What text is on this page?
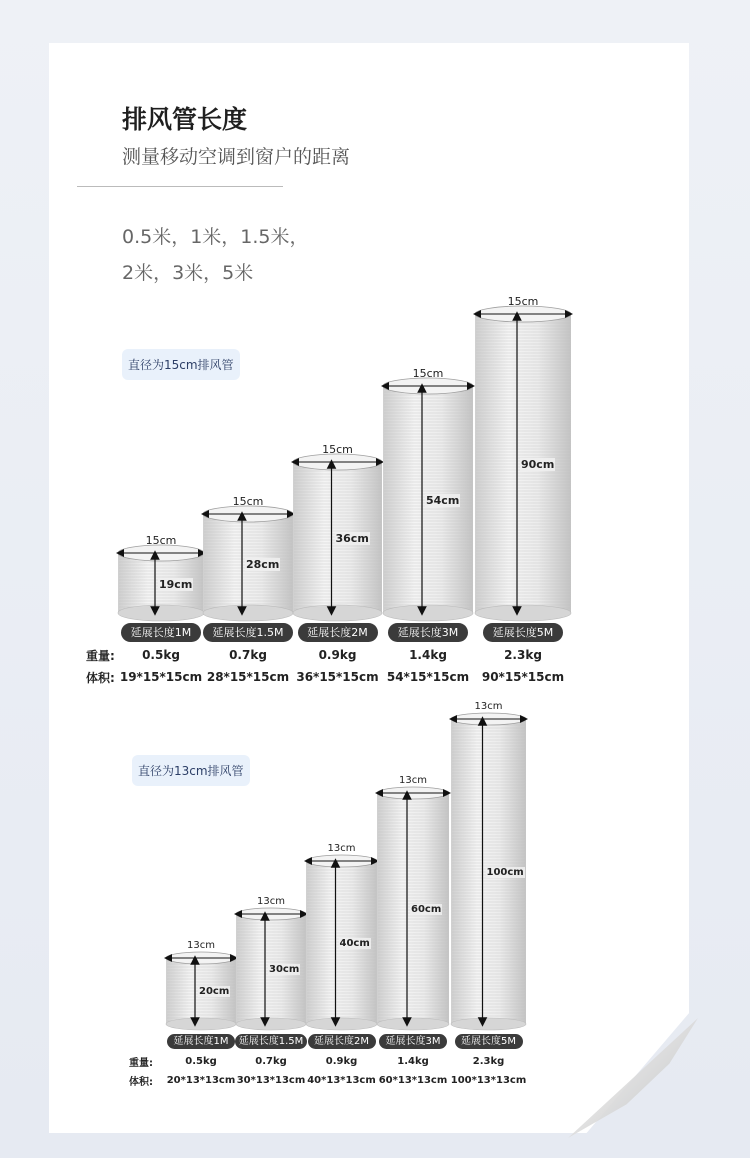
排风管长度
测量移动空调到窗户的距离
0.5米，1米，1.5米，
2米，3米，5米
直径为15cm排风管
直径为13cm排风管
15cm
19cm
延展长度1M
0.5kg
19*15*15cm
15cm
28cm
延展长度1.5M
0.7kg
28*15*15cm
15cm
36cm
延展长度2M
0.9kg
36*15*15cm
15cm
54cm
延展长度3M
1.4kg
54*15*15cm
15cm
90cm
延展长度5M
2.3kg
90*15*15cm
13cm
20cm
延展长度1M
0.5kg
20*13*13cm
13cm
30cm
延展长度1.5M
0.7kg
30*13*13cm
13cm
40cm
延展长度2M
0.9kg
40*13*13cm
13cm
60cm
延展长度3M
1.4kg
60*13*13cm
13cm
100cm
延展长度5M
2.3kg
100*13*13cm
重量:
体积:
重量:
体积:
